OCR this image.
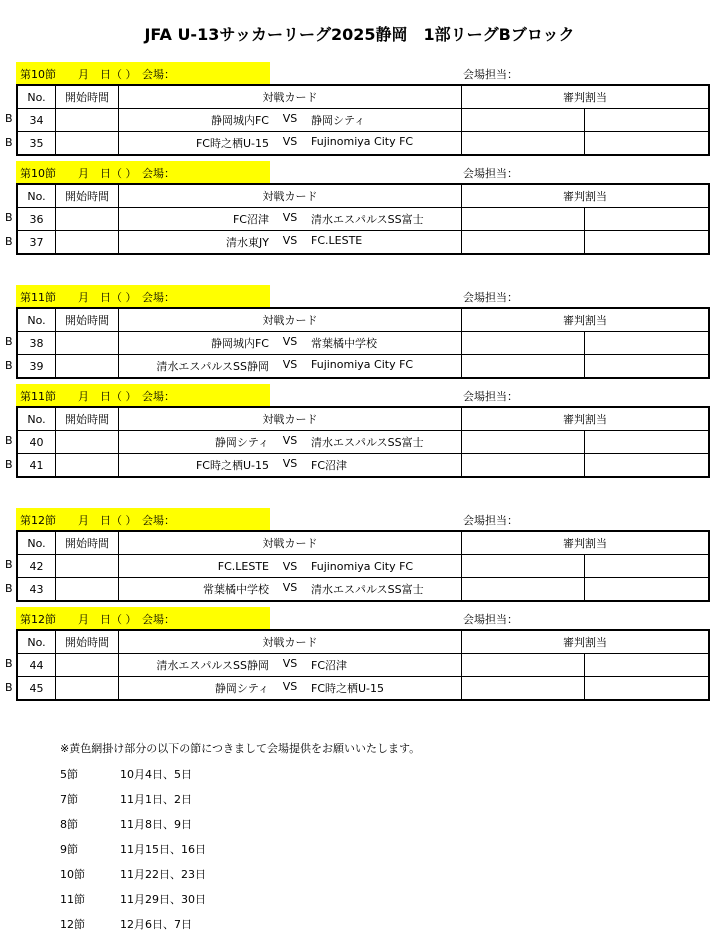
JFA U-13サッカーリーグ2025静岡　1部リーグBブロック
第10節　　月　日（ ）　会場：	会場担当：
No.	開始時間	対戦カード	審判割当	
34		静岡城内FC VS 静岡シティ		

35		FC時之栖U-15 VS Fujinomiya City FC		

B
B
第10節　　月　日（ ）　会場：	会場担当：
No.	開始時間	対戦カード	審判割当	
36		FC沼津 VS 清水エスパルスSS富士		

37		清水東JY VS FC.LESTE		

B
B
第11節　　月　日（ ）　会場：	会場担当：
No.	開始時間	対戦カード	審判割当	
38		静岡城内FC VS 常葉橘中学校		

39		清水エスパルスSS静岡 VS Fujinomiya City FC		

B
B
第11節　　月　日（ ）　会場：	会場担当：
No.	開始時間	対戦カード	審判割当	
40		静岡シティ VS 清水エスパルスSS富士		

41		FC時之栖U-15 VS FC沼津		

B
B
第12節　　月　日（ ）　会場：	会場担当：
No.	開始時間	対戦カード	審判割当	
42		FC.LESTE VS Fujinomiya City FC		

43		常葉橘中学校 VS 清水エスパルスSS富士		

B
B
第12節　　月　日（ ）　会場：	会場担当：
No.	開始時間	対戦カード	審判割当	
44		清水エスパルスSS静岡 VS FC沼津		

45		静岡シティ VS FC時之栖U-15		

B
B
※黄色網掛け部分の以下の節につきまして会場提供をお願いいたします。
5節	10月4日、5日
7節	11月1日、2日
8節	11月8日、9日
9節	11月15日、16日
10節	11月22日、23日
11節	11月29日、30日
12節	12月6日、7日
